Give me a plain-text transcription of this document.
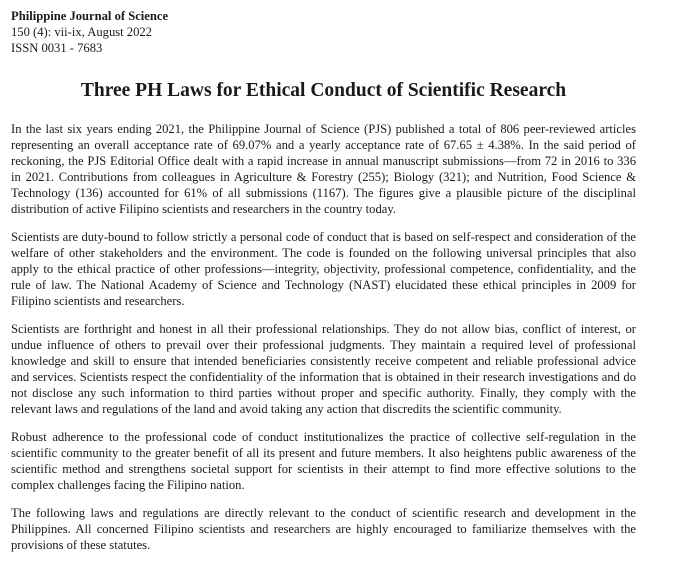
Philippine Journal of Science
150 (4): vii-ix, August 2022
ISSN 0031 - 7683
Three PH Laws for Ethical Conduct of Scientific Research

In the last six years ending 2021, the Philippine Journal of Science (PJS) published a total of 806 peer-reviewed articles representing an overall acceptance rate of 69.07% and a yearly acceptance rate of 67.65 ± 4.38%. In the said period of reckoning, the PJS Editorial Office dealt with a rapid increase in annual manuscript submissions—from 72 in 2016 to 336 in 2021. Contributions from colleagues in Agriculture & Forestry (255); Biology (321); and Nutrition, Food Science & Technology (136) accounted for 61% of all submissions (1167). The figures give a plausible picture of the disciplinal distribution of active Filipino scientists and researchers in the country today.

Scientists are duty-bound to follow strictly a personal code of conduct that is based on self-respect and consideration of the welfare of other stakeholders and the environment. The code is founded on the following universal principles that also apply to the ethical practice of other professions—integrity, objectivity, professional competence, confidentiality, and the rule of law. The National Academy of Science and Technology (NAST) elucidated these ethical principles in 2009 for Filipino scientists and researchers.

Scientists are forthright and honest in all their professional relationships. They do not allow bias, conflict of interest, or undue influence of others to prevail over their professional judgments. They maintain a required level of professional knowledge and skill to ensure that intended beneficiaries consistently receive competent and reliable professional advice and services. Scientists respect the confidentiality of the information that is obtained in their research investigations and do not disclose any such information to third parties without proper and specific authority. Finally, they comply with the relevant laws and regulations of the land and avoid taking any action that discredits the scientific community.

Robust adherence to the professional code of conduct institutionalizes the practice of collective self-regulation in the scientific community to the greater benefit of all its present and future members. It also heightens public awareness of the scientific method and strengthens societal support for scientists in their attempt to find more effective solutions to the complex challenges facing the Filipino nation.

The following laws and regulations are directly relevant to the conduct of scientific research and development in the Philippines. All concerned Filipino scientists and researchers are highly encouraged to familiarize themselves with the provisions of these statutes.
